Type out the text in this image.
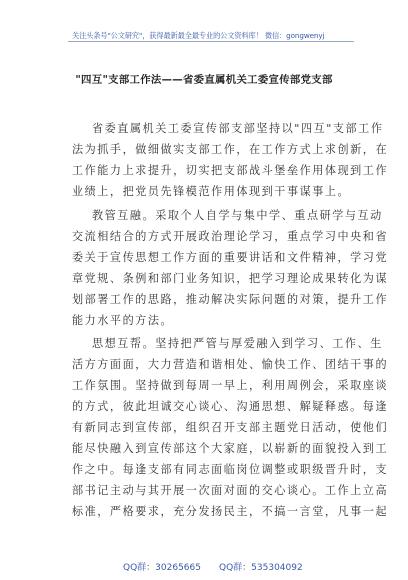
关注头条号"公文研究"，获得最新最全最专业的公文资料库！ 微信：gongwenyj
"四互"支部工作法——省委直属机关工委宣传部党支部
省委直属机关工委宣传部支部坚持以"四互"支部工作
法为抓手，做细做实支部工作，在工作方式上求创新，在
工作能力上求提升，切实把支部战斗堡垒作用体现到工作
业绩上，把党员先锋模范作用体现到干事谋事上。
教管互融。采取个人自学与集中学、重点研学与互动
交流相结合的方式开展政治理论学习，重点学习中央和省
委关于宣传思想工作方面的重要讲话和文件精神，学习党
章党规、条例和部门业务知识，把学习理论成果转化为谋
划部署工作的思路，推动解决实际问题的对策，提升工作
能力水平的方法。
思想互帮。坚持把严管与厚爱融入到学习、工作、生
活方方面面，大力营造和谐相处、愉快工作、团结干事的
工作氛围。坚持做到每周一早上，利用周例会，采取座谈
的方式，彼此坦诚交心谈心、沟通思想、解疑释惑。每逢
有新同志到宣传部，组织召开支部主题党日活动，使他们
能尽快融入到宣传部这个大家庭，以崭新的面貌投入到工
作之中。每逢支部有同志面临岗位调整或职级晋升时，支
部书记主动与其开展一次面对面的交心谈心。工作上立高
标准，严格要求，充分发扬民主，不搞一言堂，凡事一起
QQ群：30265665 QQ群：535304092
